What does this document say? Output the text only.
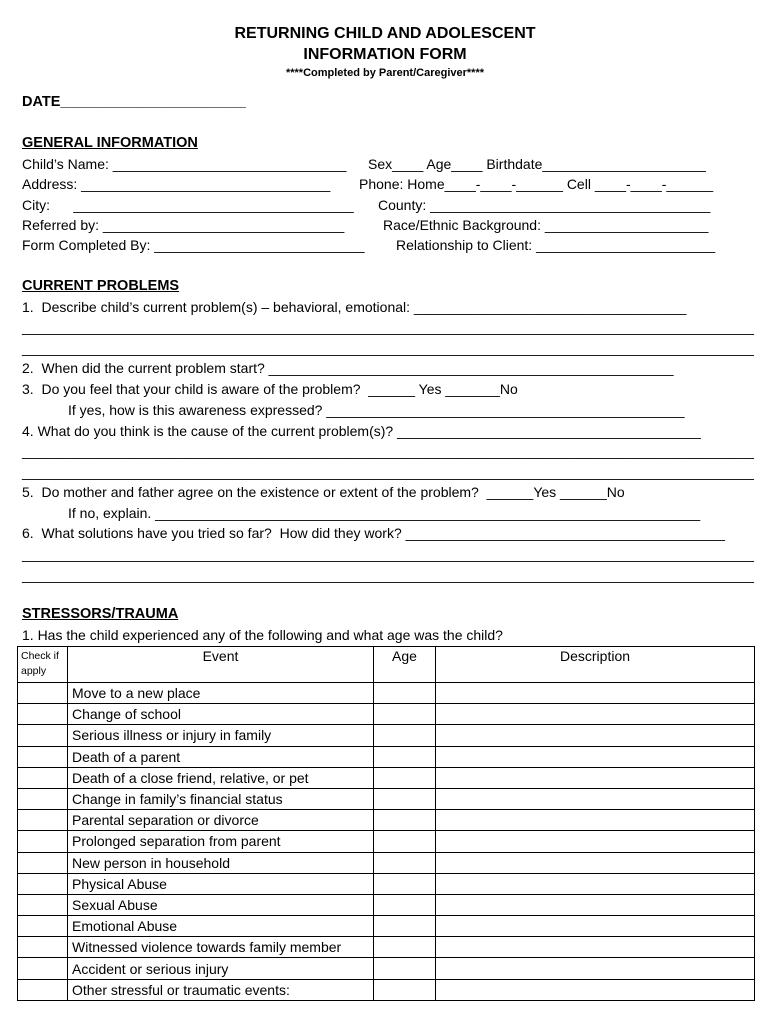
RETURNING CHILD AND ADOLESCENT
INFORMATION FORM
****Completed by Parent/Caregiver****
DATE_______________________
GENERAL INFORMATION
Child’s Name: ______________________________ Sex____ Age____ Birthdate_____________________
Address: ________________________________ Phone: Home____-____-______ Cell ____-____-______
City:      ____________________________________ County: ____________________________________
Referred by: _______________________________	Race/Ethnic Background: _____________________
Form Completed By: ___________________________ Relationship to Client: _______________________
CURRENT PROBLEMS
1.  Describe child’s current problem(s) – behavioral, emotional: ___________________________________
______________________________________________________________________________________________
______________________________________________________________________________________________
2.  When did the current problem start? ____________________________________________________
3.  Do you feel that your child is aware of the problem?  ______ Yes _______No
If yes, how is this awareness expressed? ______________________________________________
4. What do you think is the cause of the current problem(s)? _______________________________________
______________________________________________________________________________________________
______________________________________________________________________________________________
5.  Do mother and father agree on the existence or extent of the problem?  ______Yes ______No
If no, explain. ______________________________________________________________________
6.  What solutions have you tried so far?  How did they work? _________________________________________
______________________________________________________________________________________________
______________________________________________________________________________________________
STRESSORS/TRAUMA
1. Has the child experienced any of the following and what age was the child?
Check if apply	Event	Age	Description
	Move to a new place		
	Change of school		
	Serious illness or injury in family		
	Death of a parent		
	Death of a close friend, relative, or pet		
	Change in family’s financial status		
	Parental separation or divorce		
	Prolonged separation from parent		
	New person in household		
	Physical Abuse		
	Sexual Abuse		
	Emotional Abuse		
	Witnessed violence towards family member		
	Accident or serious injury		
	Other stressful or traumatic events:		
